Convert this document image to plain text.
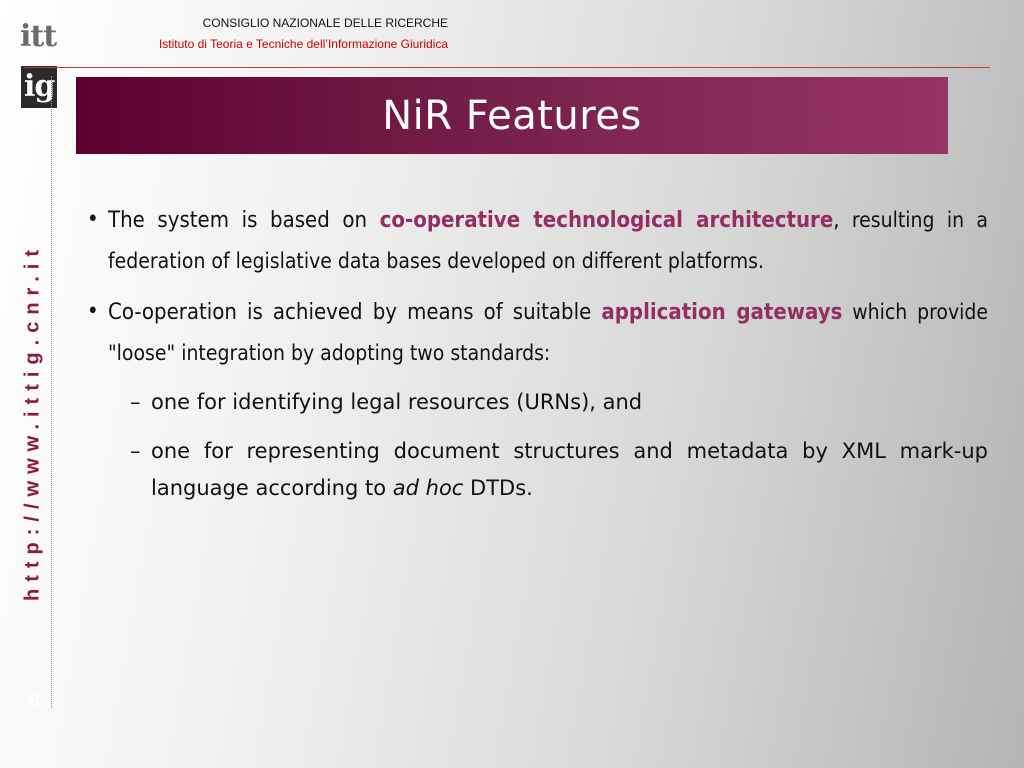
ittig
CONSIGLIO NAZIONALE DELLE RICERCHE
Istituto di Teoria e Tecniche dell’Informazione Giuridica
http://www.ittig.cnr.it
8
NiR Features
• The system is based on co-operative technological architecture, resulting in a federation of legislative data bases developed on different platforms.
• Co-operation is achieved by means of suitable application gateways which provide "loose" integration by adopting two standards:
– one for identifying legal resources (URNs), and
– one for representing document structures and metadata by XML mark-up language according to ad hoc DTDs.
